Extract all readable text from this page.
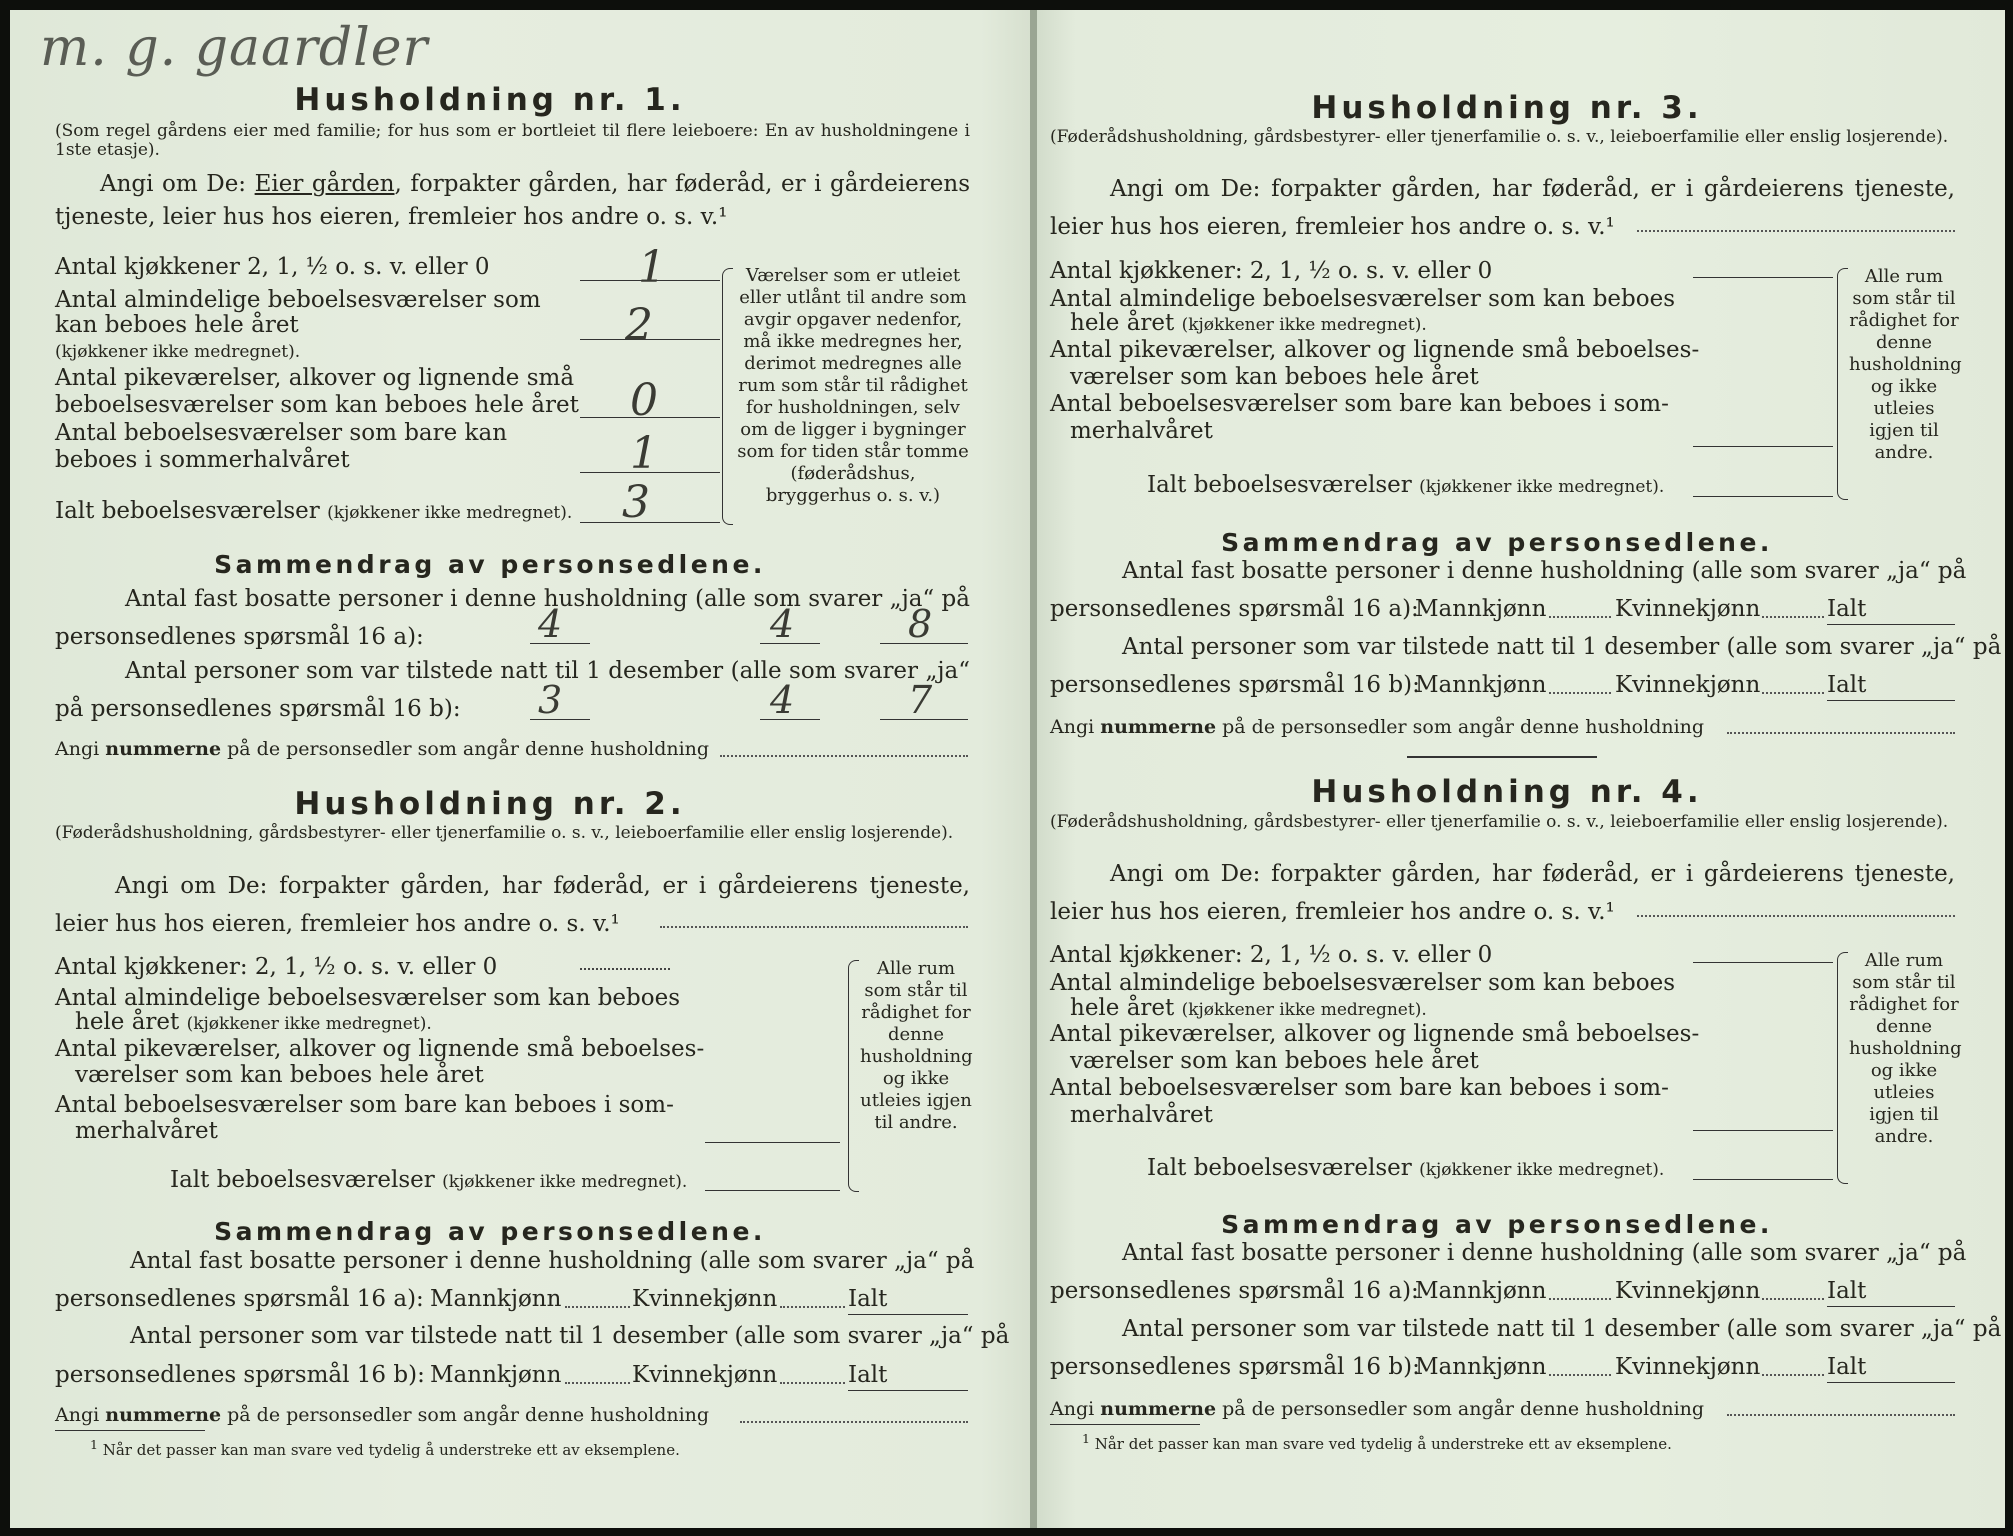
m. g. gaardler
Husholdning nr. 1.
(Som regel gårdens eier med familie; for hus som er bortleiet til flere leieboere: En av husholdningene i 1ste etasje).
Angi om De: Eier gården, forpakter gården, har føderåd, er i gårdeierens tjeneste, leier hus hos eieren, fremleier hos andre o. s. v.¹
Antal kjøkkener 2, 1, ½ o. s. v. eller 0	1
Antal almindelige beboelsesværelser som kan beboes hele året
(kjøkkener ikke medregnet).
2
Antal pikeværelser, alkover og lignende små beboelsesværelser som kan beboes hele året 0
Antal beboelsesværelser som bare kan beboes i sommerhalvåret	1
Ialt beboelsesværelser (kjøkkener ikke medregnet). 3
Værelser som er utleiet eller utlånt til andre som avgir opgaver nedenfor, må ikke medregnes her, derimot medregnes alle rum som står til rådighet for husholdningen, selv om de ligger i bygninger som for tiden står tomme (føderådshus, bryggerhus o. s. v.)
Sammendrag av personsedlene.
Antal fast bosatte personer i denne husholdning (alle som svarer „ja“ på personsedlenes spørsmål 16 a):	4	4	8
Antal personer som var tilstede natt til 1 desember (alle som svarer „ja“ på personsedlenes spørsmål 16 b):	3	4	7
Angi nummerne på de personsedler som angår denne husholdning
Husholdning nr. 2.
(Føderådshusholdning, gårdsbestyrer- eller tjenerfamilie o. s. v., leieboerfamilie eller enslig losjerende).
Angi om De: forpakter gården, har føderåd, er i gårdeierens tjeneste, leier hus hos eieren, fremleier hos andre o. s. v.¹
Antal kjøkkener: 2, 1, ½ o. s. v. eller 0
Antal almindelige beboelsesværelser som kan beboes
hele året (kjøkkener ikke medregnet).
Antal pikeværelser, alkover og lignende små beboelses-
værelser som kan beboes hele året
Antal beboelsesværelser som bare kan beboes i som-
merhalvåret
Ialt beboelsesværelser (kjøkkener ikke medregnet).
Alle rum som står til rådighet for denne husholdning og ikke utleies igjen til andre.
Sammendrag av personsedlene.
Antal fast bosatte personer i denne husholdning (alle som svarer „ja“ på
personsedlenes spørsmål 16 a): Mannkjønn	Kvinnekjønn	Ialt
Antal personer som var tilstede natt til 1 desember (alle som svarer „ja“ på
personsedlenes spørsmål 16 b): Mannkjønn	Kvinnekjønn	Ialt
Angi nummerne på de personsedler som angår denne husholdning
$^1$ Når det passer kan man svare ved tydelig å understreke ett av eksemplene.
Husholdning nr. 3.
(Føderådshusholdning, gårdsbestyrer- eller tjenerfamilie o. s. v., leieboerfamilie eller enslig losjerende).
Angi om De: forpakter gården, har føderåd, er i gårdeierens tjeneste, leier hus hos eieren, fremleier hos andre o. s. v.¹
Antal kjøkkener: 2, 1, ½ o. s. v. eller 0
Antal almindelige beboelsesværelser som kan beboes
hele året (kjøkkener ikke medregnet).
Antal pikeværelser, alkover og lignende små beboelses-
værelser som kan beboes hele året
Antal beboelsesværelser som bare kan beboes i som-
merhalvåret
Ialt beboelsesværelser (kjøkkener ikke medregnet).
Alle rum som står til rådighet for denne husholdning og ikke utleies igjen til andre.
Sammendrag av personsedlene.
Antal fast bosatte personer i denne husholdning (alle som svarer „ja“ på
personsedlenes spørsmål 16 a):
Mannkjønn	Kvinnekjønn	Ialt
Antal personer som var tilstede natt til 1 desember (alle som svarer „ja“ på
personsedlenes spørsmål 16 b):
Mannkjønn	Kvinnekjønn	Ialt
Angi nummerne på de personsedler som angår denne husholdning
Husholdning nr. 4.
(Føderådshusholdning, gårdsbestyrer- eller tjenerfamilie o. s. v., leieboerfamilie eller enslig losjerende).
Angi om De: forpakter gården, har føderåd, er i gårdeierens tjeneste, leier hus hos eieren, fremleier hos andre o. s. v.¹
Antal kjøkkener: 2, 1, ½ o. s. v. eller 0
Antal almindelige beboelsesværelser som kan beboes
hele året (kjøkkener ikke medregnet).
Antal pikeværelser, alkover og lignende små beboelses-
værelser som kan beboes hele året
Antal beboelsesværelser som bare kan beboes i som-
merhalvåret
Ialt beboelsesværelser (kjøkkener ikke medregnet).
Alle rum som står til rådighet for denne husholdning og ikke utleies igjen til andre.
Sammendrag av personsedlene.
Antal fast bosatte personer i denne husholdning (alle som svarer „ja“ på
personsedlenes spørsmål 16 a):
Mannkjønn	Kvinnekjønn	Ialt
Antal personer som var tilstede natt til 1 desember (alle som svarer „ja“ på
personsedlenes spørsmål 16 b):
Mannkjønn	Kvinnekjønn	Ialt
Angi nummerne på de personsedler som angår denne husholdning
$^1$ Når det passer kan man svare ved tydelig å understreke ett av eksemplene.
